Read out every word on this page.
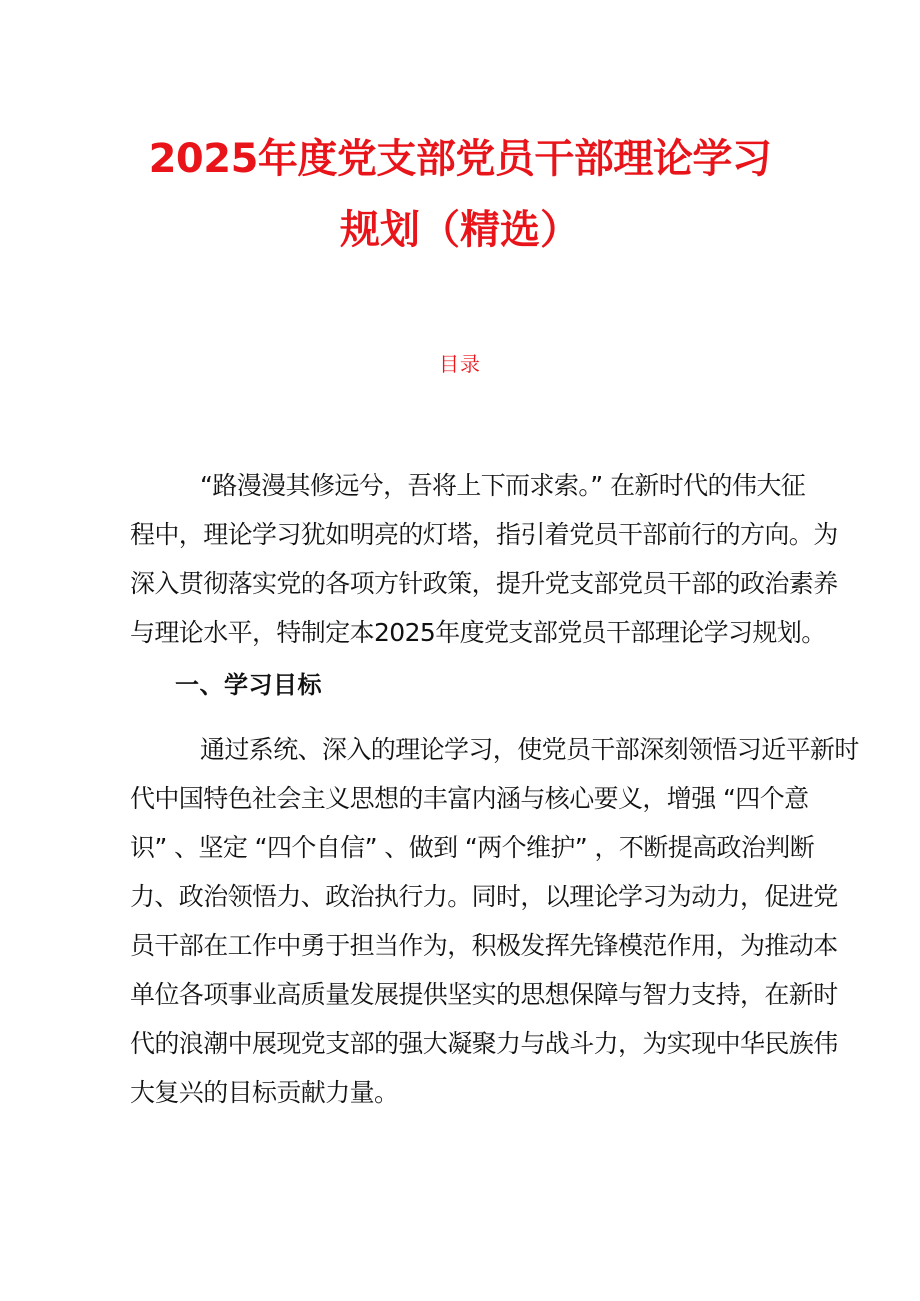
2025年度党支部党员干部理论学习
规划（精选）
目录
“路漫漫其修远兮，吾将上下而求索。” 在新时代的伟大征
程中，理论学习犹如明亮的灯塔，指引着党员干部前行的方向。为
深入贯彻落实党的各项方针政策，提升党支部党员干部的政治素养
与理论水平，特制定本2025年度党支部党员干部理论学习规划。
一、学习目标
通过系统、深入的理论学习，使党员干部深刻领悟习近平新时
代中国特色社会主义思想的丰富内涵与核心要义，增强 “四个意
识” 、坚定 “四个自信” 、做到 “两个维护” ，不断提高政治判断
力、政治领悟力、政治执行力。同时，以理论学习为动力，促进党
员干部在工作中勇于担当作为，积极发挥先锋模范作用，为推动本
单位各项事业高质量发展提供坚实的思想保障与智力支持，在新时
代的浪潮中展现党支部的强大凝聚力与战斗力，为实现中华民族伟
大复兴的目标贡献力量。
